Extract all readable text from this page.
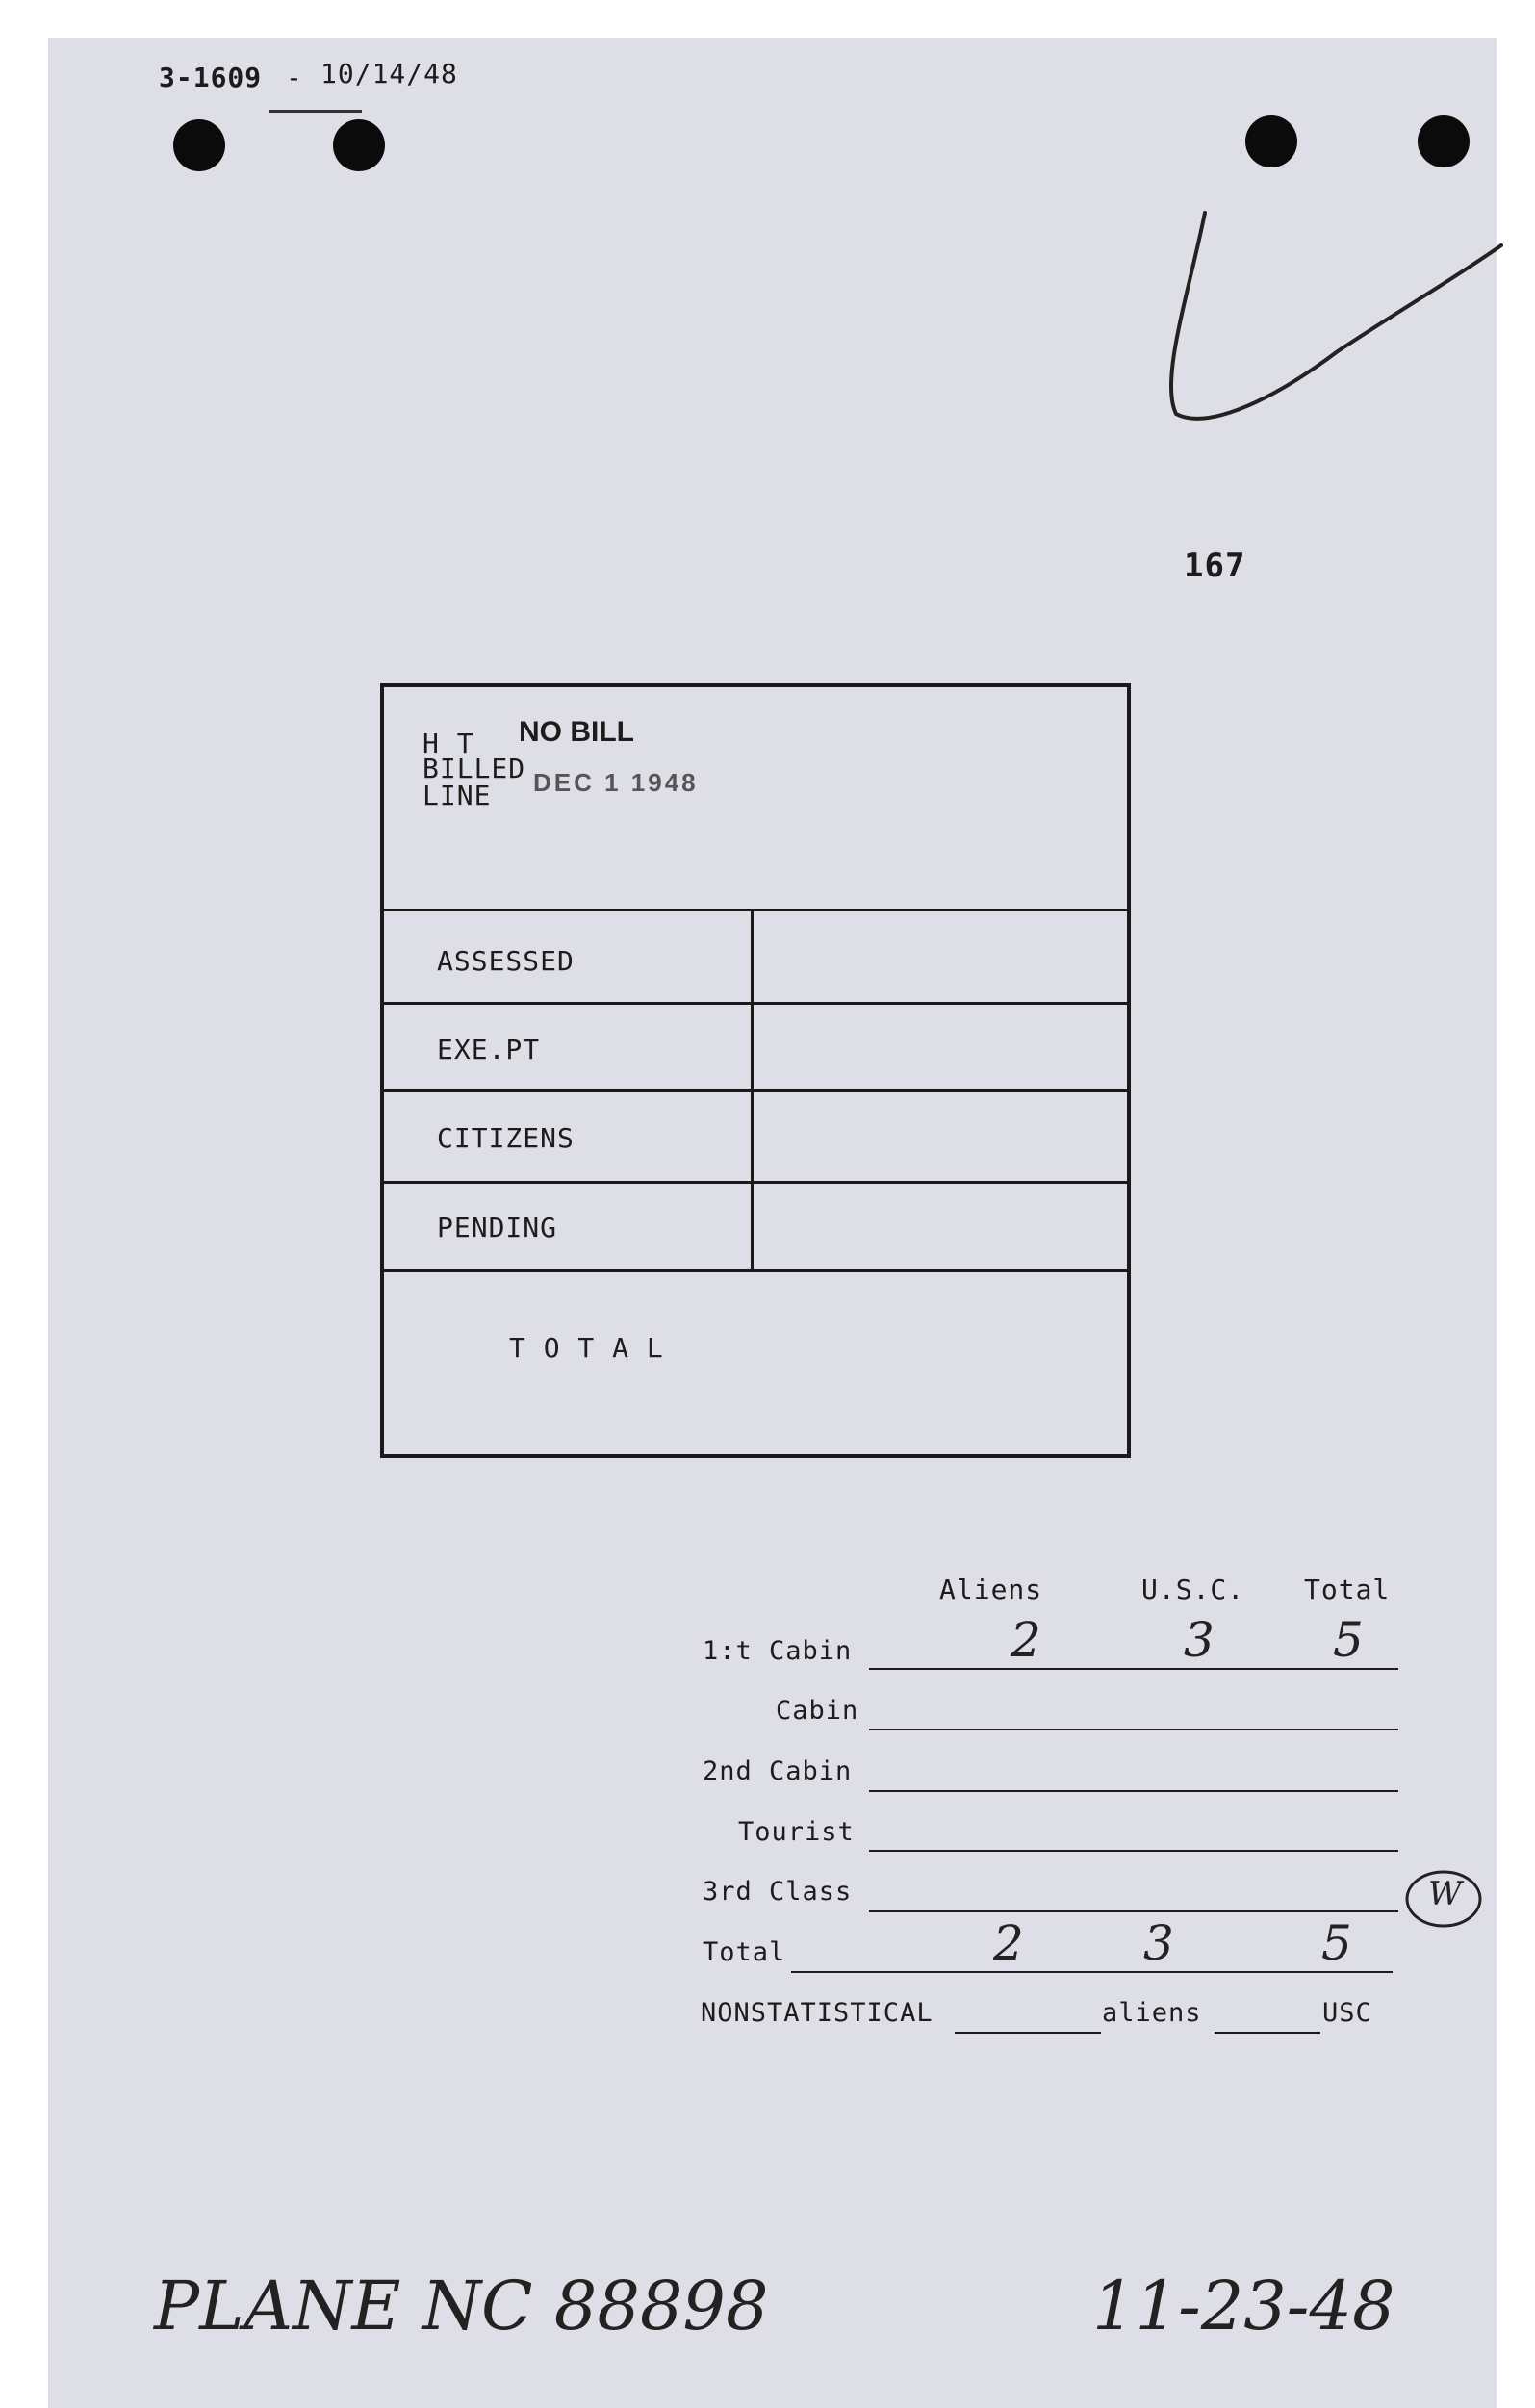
3-1609 - 10/14/48
167
H T
BILLED
LINE
NO BILL
DEC 1 1948
ASSESSED
EXE.PT
CITIZENS
PENDING
T O T A L
Aliens	U.S.C. Total
1:t Cabin	2	3 5
Cabin
2nd Cabin
Tourist
3rd Class	W
Total	2 3	5
NONSTATISTICAL	aliens	USC
PLANE NC 88898	11-23-48
